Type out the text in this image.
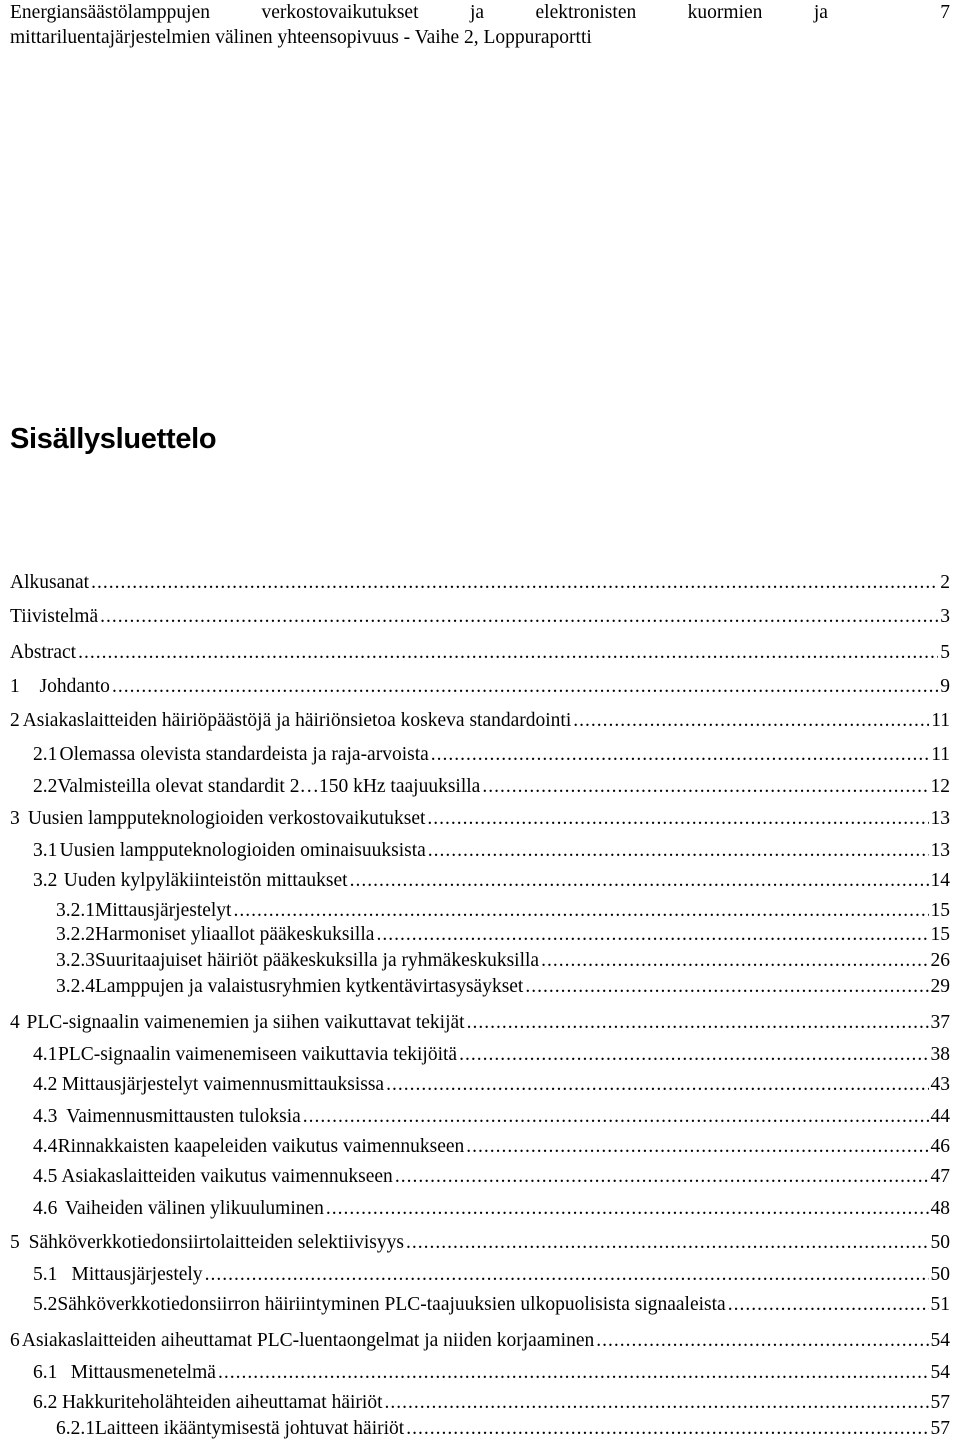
Energiansäästölamppujen	verkostovaikutukset	ja	elektronisten	kuormien	ja	7
mittariluentajärjestelmien välinen yhteensopivuus - Vaihe 2, Loppuraportti
Sisällysluettelo
Alkusanat .....	2
Tiivistelmä .....	3
Abstract .....	5
1	Johdanto .....	9
2 Asiakaslaitteiden häiriöpäästöjä ja häiriönsietoa koskeva standardointi .....	11
2.1 Olemassa olevista standardeista ja raja-arvoista .....	11
2.2 Valmisteilla olevat standardit 2…150 kHz taajuuksilla .....	12
3 Uusien lampputeknologioiden verkostovaikutukset .....	13
3.1 Uusien lampputeknologioiden ominaisuuksista .....	13
3.2 Uuden kylpyläkiinteistön mittaukset .....	14
3.2.1 Mittausjärjestelyt .....	15
3.2.2 Harmoniset yliaallot pääkeskuksilla .....	15
3.2.3 Suuritaajuiset häiriöt pääkeskuksilla ja ryhmäkeskuksilla .....	26
3.2.4 Lamppujen ja valaistusryhmien kytkentävirtasysäykset .....	29
4 PLC-signaalin vaimenemien ja siihen vaikuttavat tekijät .....	37
4.1 PLC-signaalin vaimenemiseen vaikuttavia tekijöitä .....	38
4.2 Mittausjärjestelyt vaimennusmittauksissa .....	43
4.3 Vaimennusmittausten tuloksia .....	44
4.4 Rinnakkaisten kaapeleiden vaikutus vaimennukseen .....	46
4.5 Asiakaslaitteiden vaikutus vaimennukseen .....	47
4.6 Vaiheiden välinen ylikuuluminen .....	48
5 Sähköverkkotiedonsiirtolaitteiden selektiivisyys .....	50
5.1 Mittausjärjestely .....	50
5.2 Sähköverkkotiedonsiirron häiriintyminen PLC-taajuuksien ulkopuolisista signaaleista .....	51
6 Asiakaslaitteiden aiheuttamat PLC-luentaongelmat ja niiden korjaaminen .....	54
6.1 Mittausmenetelmä .....	54
6.2 Hakkuriteholähteiden aiheuttamat häiriöt .....	57
6.2.1 Laitteen ikääntymisestä johtuvat häiriöt .....	57
